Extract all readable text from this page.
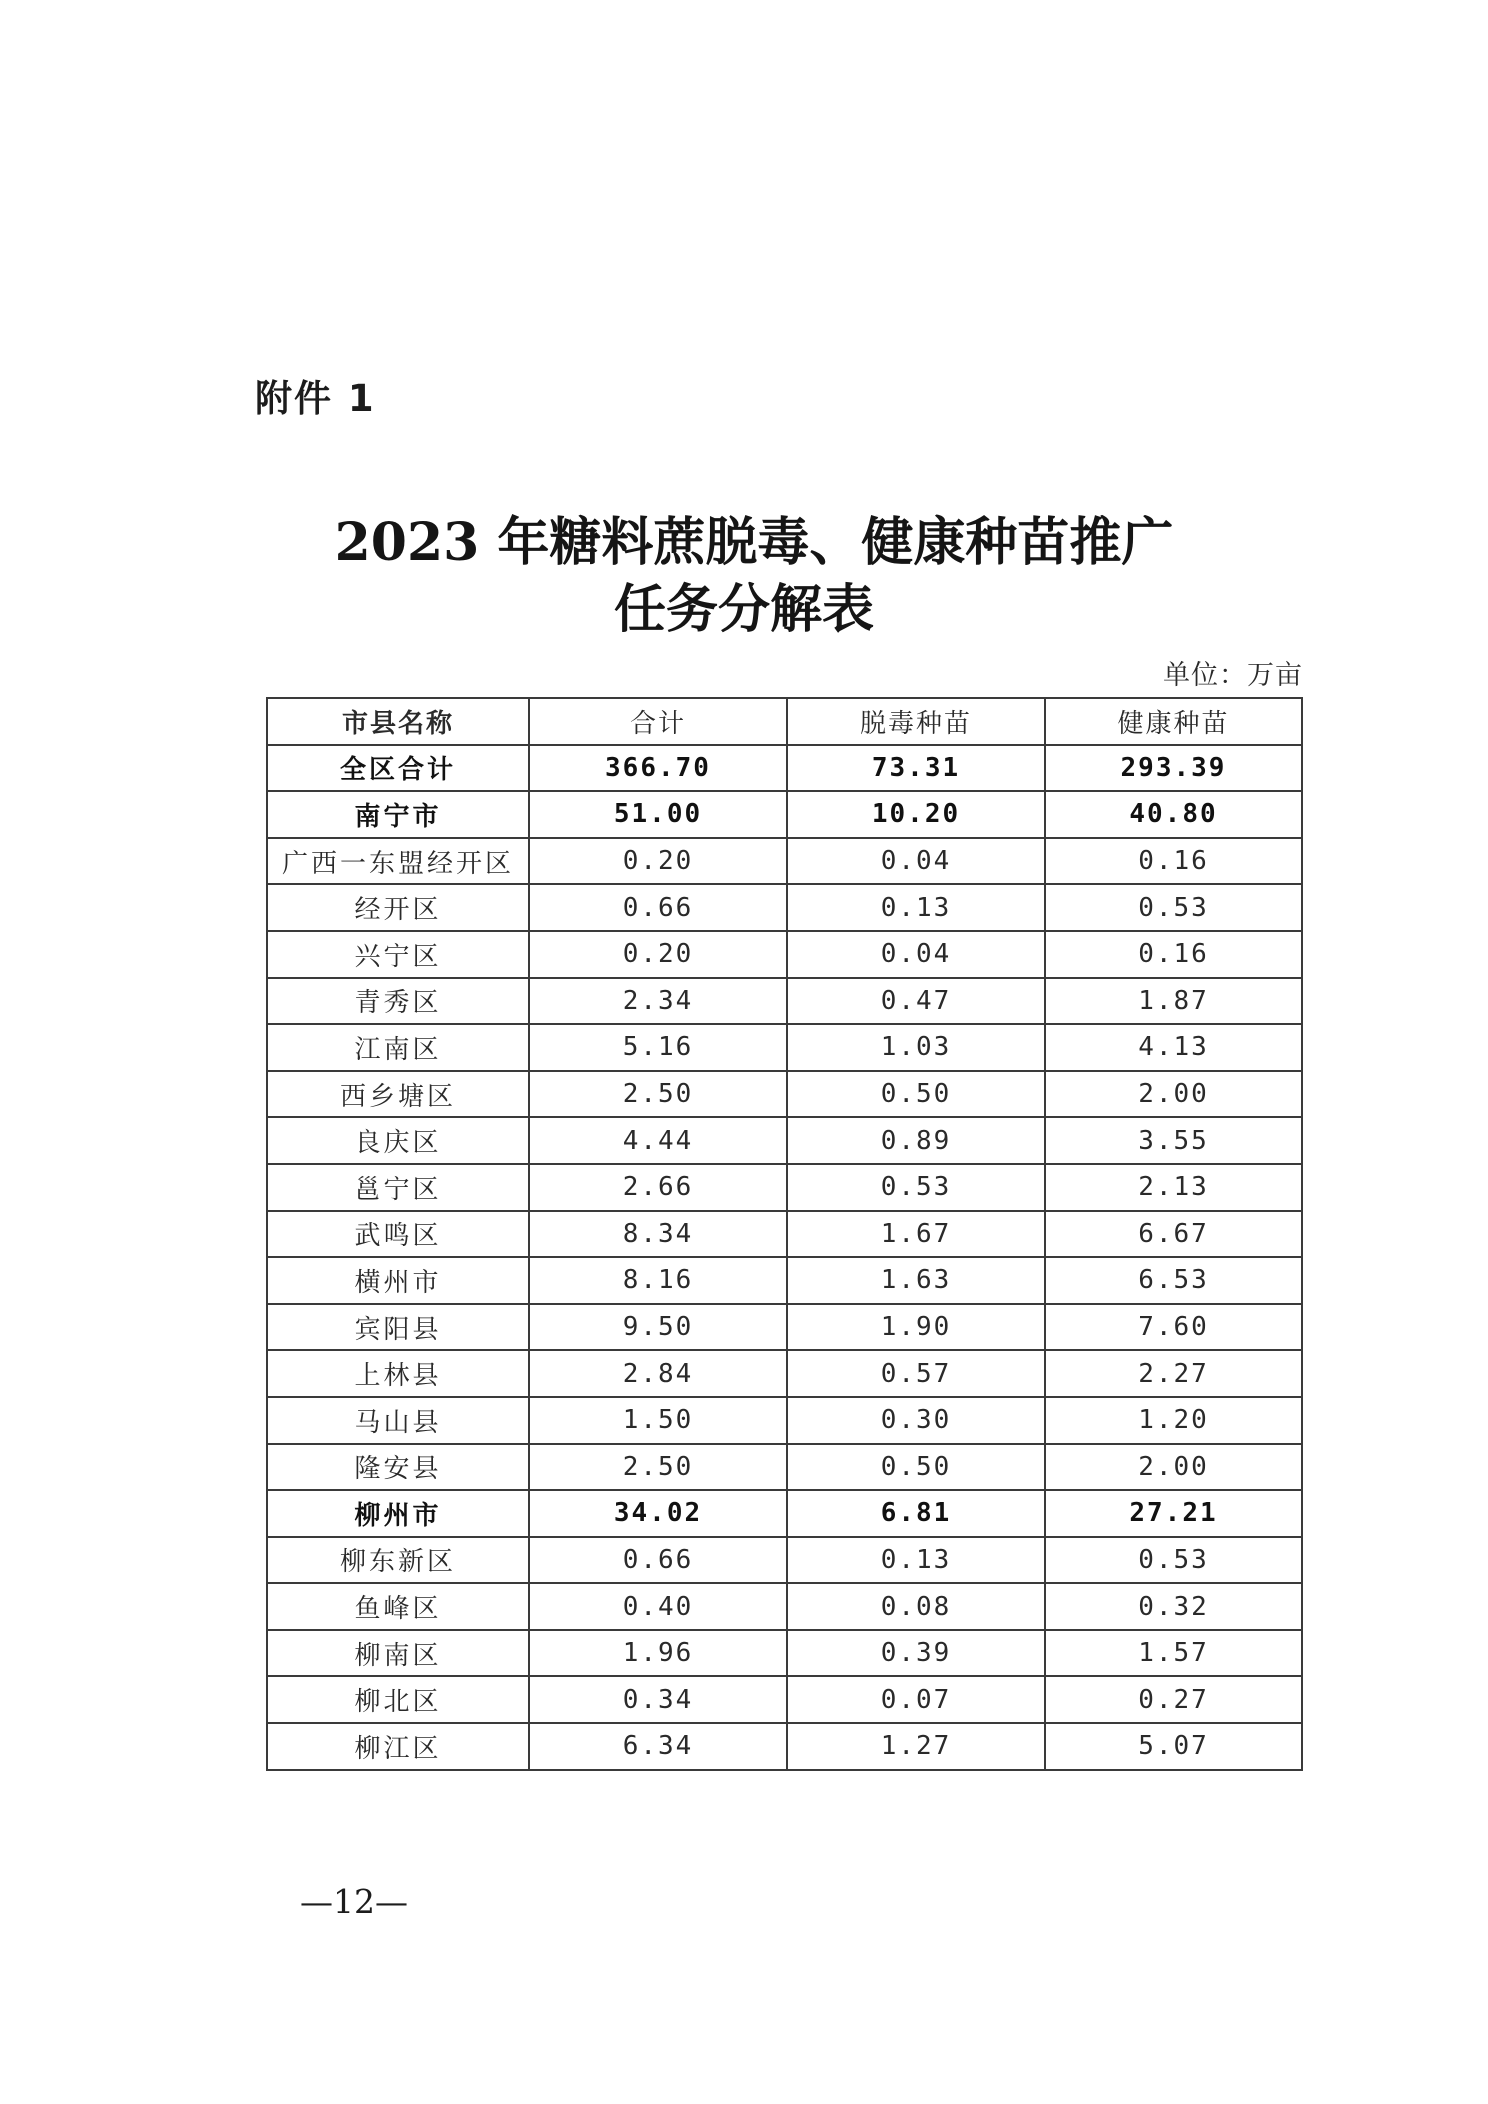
附件 1
2023 年糖料蔗脱毒、健康种苗推广
任务分解表
单位：万亩
市县名称	合计	脱毒种苗	健康种苗
全区合计	366.70	73.31	293.39
南宁市	51.00	10.20	40.80
广西一东盟经开区	0.20	0.04	0.16
经开区	0.66	0.13	0.53
兴宁区	0.20	0.04	0.16
青秀区	2.34	0.47	1.87
江南区	5.16	1.03	4.13
西乡塘区	2.50	0.50	2.00
良庆区	4.44	0.89	3.55
邕宁区	2.66	0.53	2.13
武鸣区	8.34	1.67	6.67
横州市	8.16	1.63	6.53
宾阳县	9.50	1.90	7.60
上林县	2.84	0.57	2.27
马山县	1.50	0.30	1.20
隆安县	2.50	0.50	2.00
柳州市	34.02	6.81	27.21
柳东新区	0.66	0.13	0.53
鱼峰区	0.40	0.08	0.32
柳南区	1.96	0.39	1.57
柳北区	0.34	0.07	0.27
柳江区	6.34	1.27	5.07
—12—
